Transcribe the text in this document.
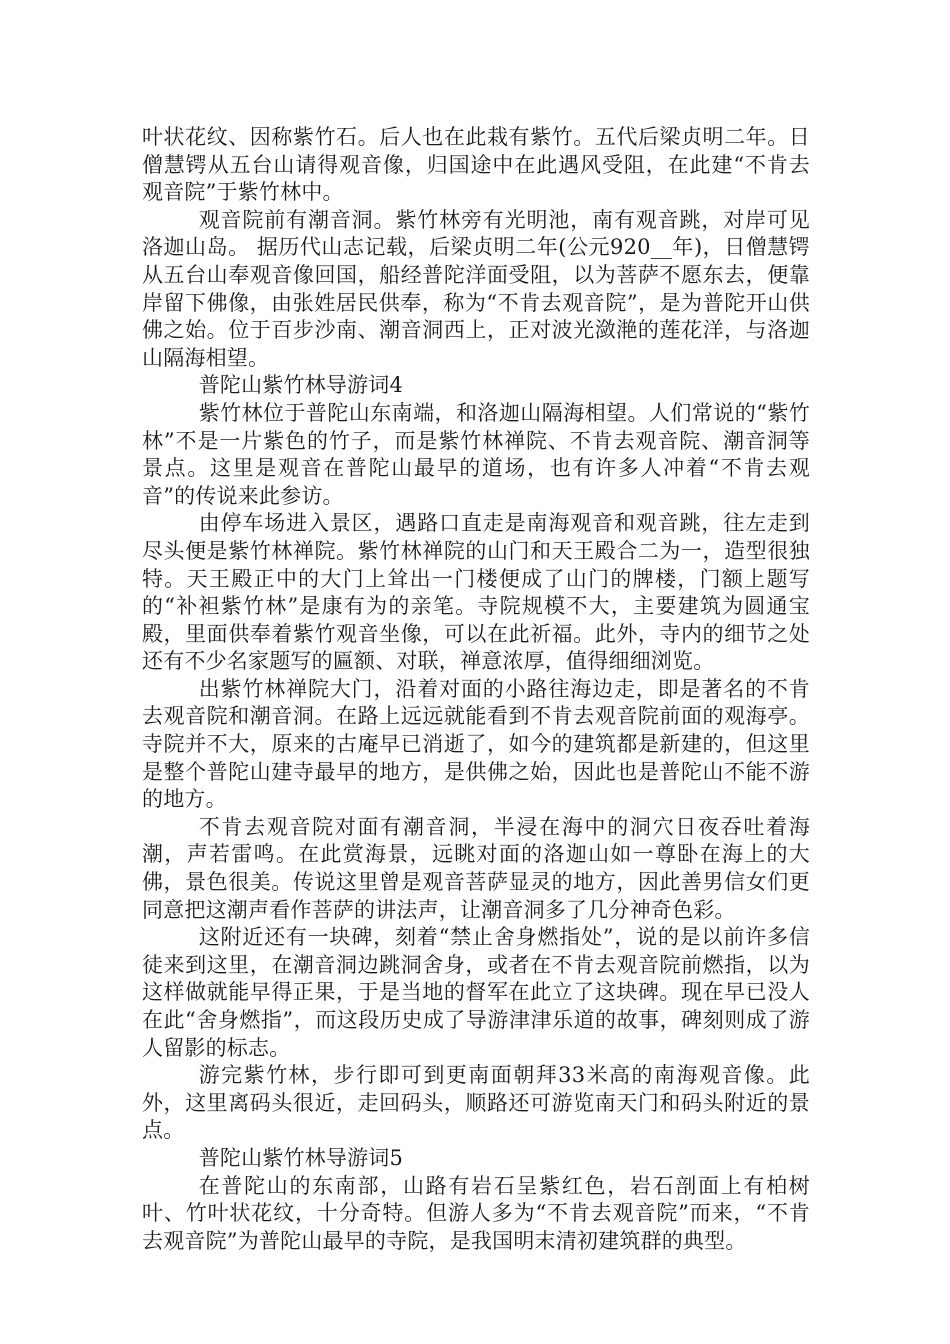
叶状花纹、因称紫竹石。后人也在此栽有紫竹。五代后梁贞明二年。日僧慧锷从五台山请得观音像，归国途中在此遇风受阻，在此建“不肯去观音院”于紫竹林中。

观音院前有潮音洞。紫竹林旁有光明池，南有观音跳，对岸可见洛迦山岛。 据历代山志记载，后梁贞明二年(公元920__年)，日僧慧锷从五台山奉观音像回国，船经普陀洋面受阻，以为菩萨不愿东去，便靠岸留下佛像，由张姓居民供奉，称为“不肯去观音院”，是为普陀开山供佛之始。位于百步沙南、潮音洞西上，正对波光潋滟的莲花洋，与洛迦山隔海相望。

普陀山紫竹林导游词4

紫竹林位于普陀山东南端，和洛迦山隔海相望。人们常说的“紫竹林”不是一片紫色的竹子，而是紫竹林禅院、不肯去观音院、潮音洞等景点。这里是观音在普陀山最早的道场，也有许多人冲着“不肯去观音”的传说来此参访。

由停车场进入景区，遇路口直走是南海观音和观音跳，往左走到尽头便是紫竹林禅院。紫竹林禅院的山门和天王殿合二为一，造型很独特。天王殿正中的大门上耸出一门楼便成了山门的牌楼，门额上题写的“补袒紫竹林”是康有为的亲笔。寺院规模不大，主要建筑为圆通宝殿，里面供奉着紫竹观音坐像，可以在此祈福。此外，寺内的细节之处还有不少名家题写的匾额、对联，禅意浓厚，值得细细浏览。

出紫竹林禅院大门，沿着对面的小路往海边走，即是著名的不肯去观音院和潮音洞。在路上远远就能看到不肯去观音院前面的观海亭。寺院并不大，原来的古庵早已消逝了，如今的建筑都是新建的，但这里是整个普陀山建寺最早的地方，是供佛之始，因此也是普陀山不能不游的地方。

不肯去观音院对面有潮音洞，半浸在海中的洞穴日夜吞吐着海潮，声若雷鸣。在此赏海景，远眺对面的洛迦山如一尊卧在海上的大佛，景色很美。传说这里曾是观音菩萨显灵的地方，因此善男信女们更同意把这潮声看作菩萨的讲法声，让潮音洞多了几分神奇色彩。

这附近还有一块碑，刻着“禁止舍身燃指处”，说的是以前许多信徒来到这里，在潮音洞边跳洞舍身，或者在不肯去观音院前燃指，以为这样做就能早得正果，于是当地的督军在此立了这块碑。现在早已没人在此“舍身燃指”，而这段历史成了导游津津乐道的故事，碑刻则成了游人留影的标志。

游完紫竹林，步行即可到更南面朝拜33米高的南海观音像。此外，这里离码头很近，走回码头，顺路还可游览南天门和码头附近的景点。

普陀山紫竹林导游词5

在普陀山的东南部，山路有岩石呈紫红色，岩石剖面上有柏树叶、竹叶状花纹，十分奇特。但游人多为“不肯去观音院”而来，“不肯去观音院”为普陀山最早的寺院，是我国明末清初建筑群的典型。
